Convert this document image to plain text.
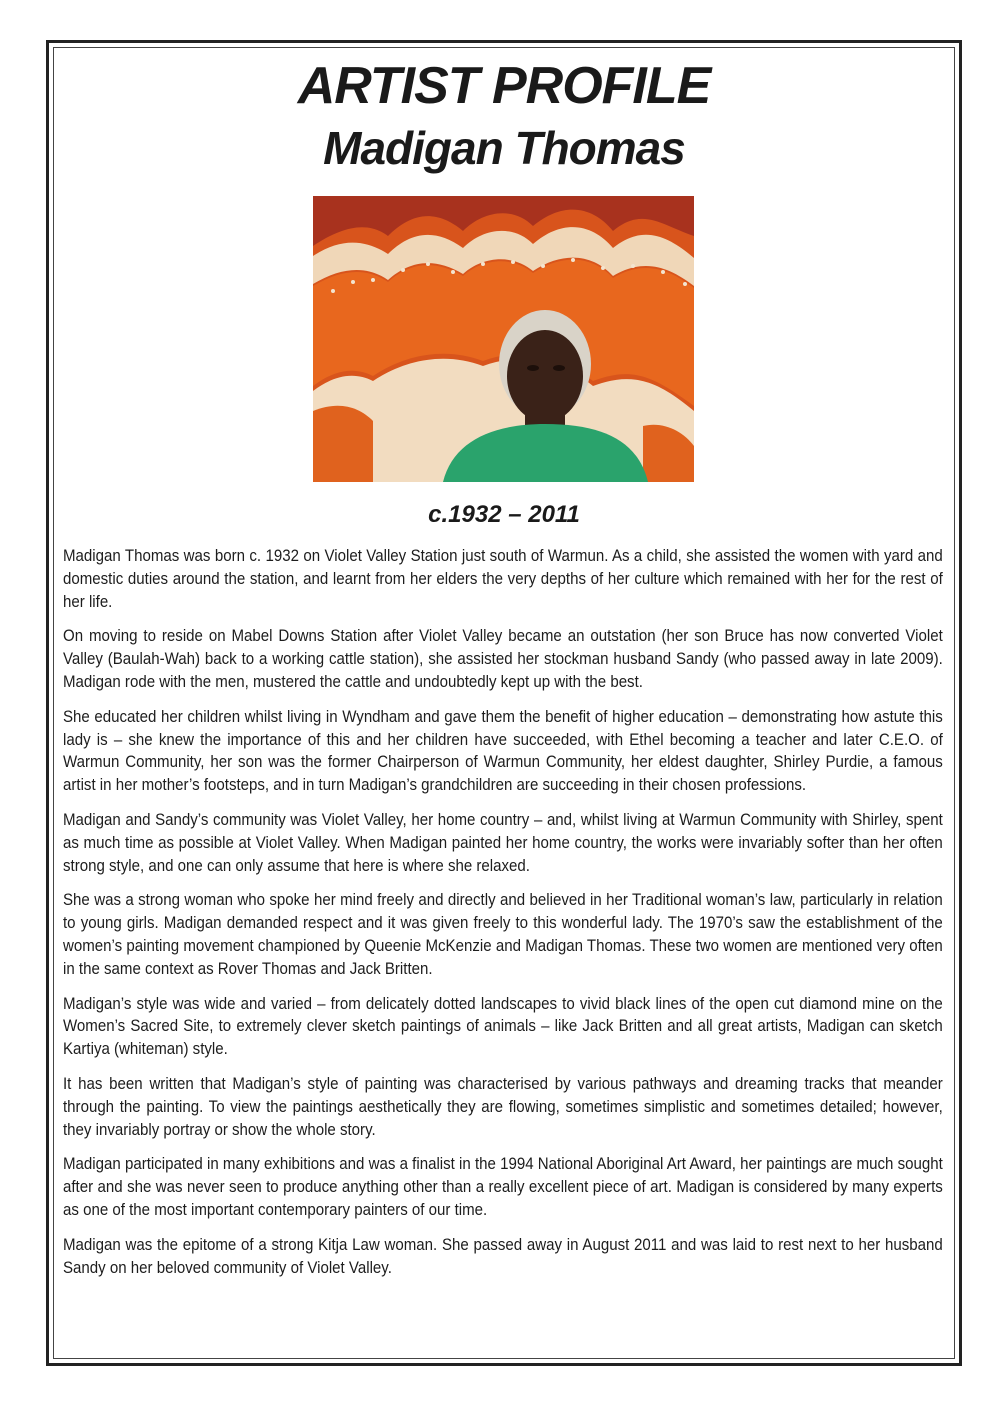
ARTIST PROFILE
Madigan Thomas
c.1932 – 2011

Madigan Thomas was born c. 1932 on Violet Valley Station just south of Warmun. As a child, she assisted the women with yard and domestic duties around the station, and learnt from her elders the very depths of her culture which remained with her for the rest of her life.

On moving to reside on Mabel Downs Station after Violet Valley became an outstation (her son Bruce has now converted Violet Valley (Baulah-Wah) back to a working cattle station), she assisted her stockman husband Sandy (who passed away in late 2009). Madigan rode with the men, mustered the cattle and undoubtedly kept up with the best.

She educated her children whilst living in Wyndham and gave them the benefit of higher education – demonstrating how astute this lady is – she knew the importance of this and her children have succeeded, with Ethel becoming a teacher and later C.E.O. of Warmun Community, her son was the former Chairperson of Warmun Community, her eldest daughter, Shirley Purdie, a famous artist in her mother’s footsteps, and in turn Madigan’s grandchildren are succeeding in their chosen professions.

Madigan and Sandy’s community was Violet Valley, her home country – and, whilst living at Warmun Community with Shirley, spent as much time as possible at Violet Valley. When Madigan painted her home country, the works were invariably softer than her often strong style, and one can only assume that here is where she relaxed.

She was a strong woman who spoke her mind freely and directly and believed in her Traditional woman’s law, particularly in relation to young girls. Madigan demanded respect and it was given freely to this wonderful lady. The 1970’s saw the establishment of the women’s painting movement championed by Queenie McKenzie and Madigan Thomas. These two women are mentioned very often in the same context as Rover Thomas and Jack Britten.

Madigan’s style was wide and varied – from delicately dotted landscapes to vivid black lines of the open cut diamond mine on the Women’s Sacred Site, to extremely clever sketch paintings of animals – like Jack Britten and all great artists, Madigan can sketch Kartiya (whiteman) style.

It has been written that Madigan’s style of painting was characterised by various pathways and dreaming tracks that meander through the painting. To view the paintings aesthetically they are flowing, sometimes simplistic and sometimes detailed; however, they invariably portray or show the whole story.

Madigan participated in many exhibitions and was a finalist in the 1994 National Aboriginal Art Award, her paintings are much sought after and she was never seen to produce anything other than a really excellent piece of art. Madigan is considered by many experts as one of the most important contemporary painters of our time.

Madigan was the epitome of a strong Kitja Law woman. She passed away in August 2011 and was laid to rest next to her husband Sandy on her beloved community of Violet Valley.
